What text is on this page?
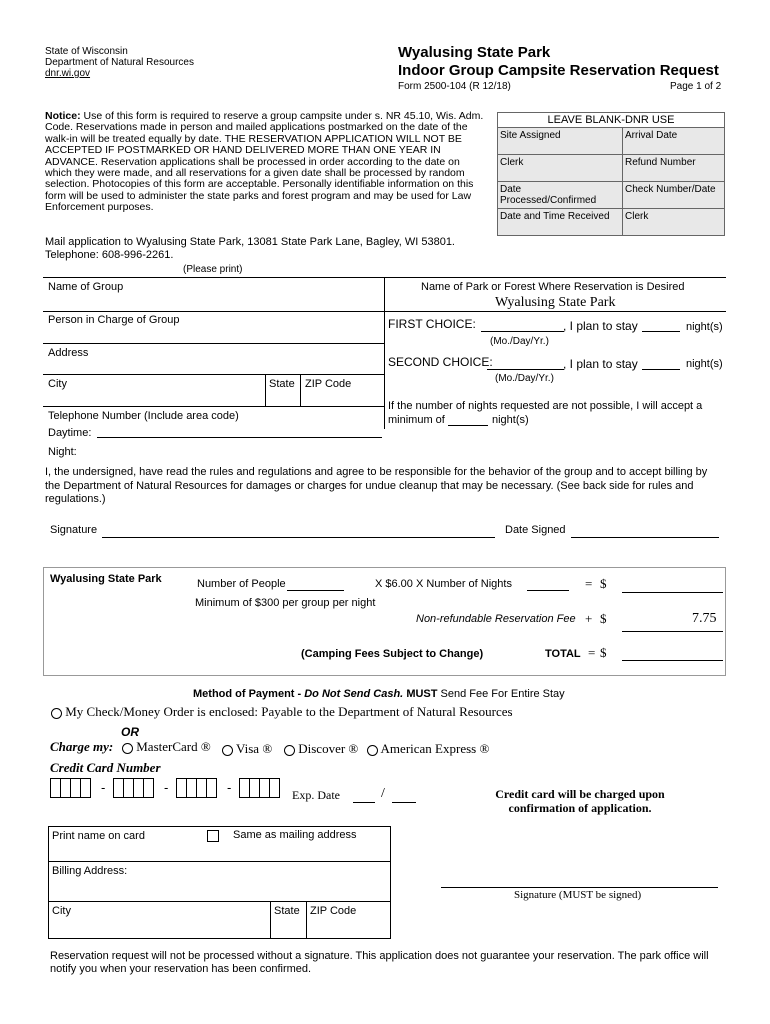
State of Wisconsin
Department of Natural Resources
dnr.wi.gov
Wyalusing State Park
Indoor Group Campsite Reservation Request
Form 2500-104 (R 12/18)	Page 1 of 2
Notice: Use of this form is required to reserve a group campsite under s. NR 45.10, Wis. Adm. Code. Reservations made in person and mailed applications postmarked on the date of the walk-in will be treated equally by date. THE RESERVATION APPLICATION WILL NOT BE ACCEPTED IF POSTMARKED OR HAND DELIVERED MORE THAN ONE YEAR IN ADVANCE. Reservation applications shall be processed in order according to the date on which they were made, and all reservations for a given date shall be processed by random selection. Photocopies of this form are acceptable. Personally identifiable information on this form will be used to administer the state parks and forest program and may be used for Law Enforcement purposes.
LEAVE BLANK-DNR USE	
Site Assigned	Arrival Date
Clerk	Refund Number
Date Processed/Confirmed	Check Number/Date
Date and Time Received	Clerk
Mail application to Wyalusing State Park, 13081 State Park Lane, Bagley, WI 53801.
Telephone: 608-996-2261.
(Please print)
Name of Group
Person in Charge of Group
Address
City	State ZIP Code
Telephone Number (Include area code)
Daytime:
Night:
Name of Park or Forest Where Reservation is Desired
Wyalusing State Park
FIRST CHOICE:	, I plan to stay	night(s)
(Mo./Day/Yr.)
SECOND CHOICE:	, I plan to stay	night(s)
(Mo./Day/Yr.)
If the number of nights requested are not possible, I will accept a
minimum of	night(s)
I, the undersigned, have read the rules and regulations and agree to be responsible for the behavior of the group and to accept billing by the Department of Natural Resources for damages or charges for undue cleanup that may be necessary. (See back side for rules and regulations.)
Signature	Date Signed
Wyalusing State Park	Number of People	X $6.00 X Number of Nights	= $
Minimum of $300 per group per night
Non-refundable Reservation Fee + $	7.75
(Camping Fees Subject to Change)	TOTAL = $
Method of Payment - Do Not Send Cash. MUST Send Fee For Entire Stay
My Check/Money Order is enclosed: Payable to the Department of Natural Resources
OR
Charge my:	MasterCard ®	Visa ®	Discover ®	American Express ®
Credit Card Number
-	-	-	Exp. Date	/	Credit card will be charged upon
confirmation of application.
Print name on card	Same as mailing address
Billing Address:
City	State ZIP Code
Signature (MUST be signed)
Reservation request will not be processed without a signature. This application does not guarantee your reservation. The park office will notify you when your reservation has been confirmed.
